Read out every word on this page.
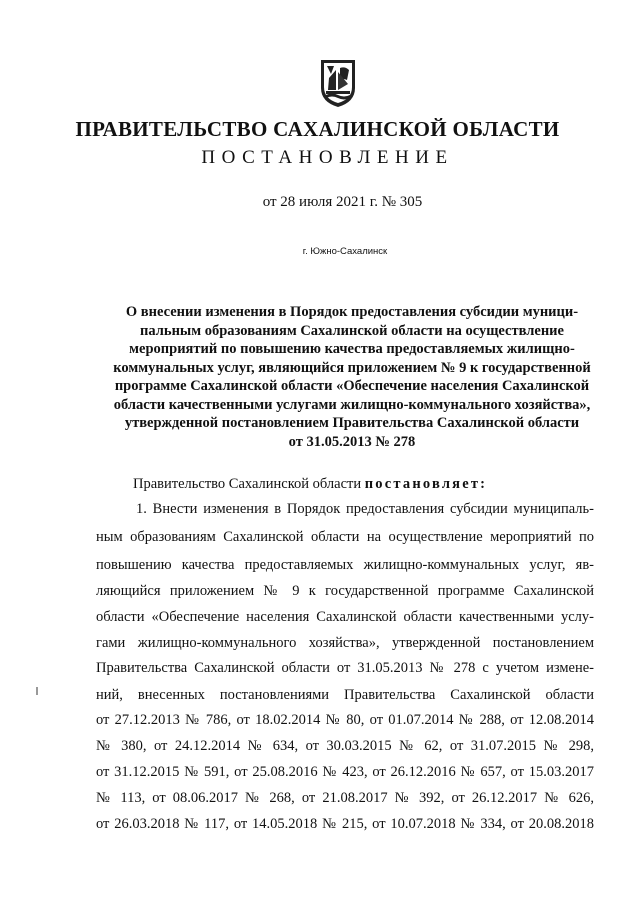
ПРАВИТЕЛЬСТВО САХАЛИНСКОЙ ОБЛАСТИ
ПОСТАНОВЛЕНИЕ
от 28 июля 2021 г. № 305
г. Южно-Сахалинск
О внесении изменения в Порядок предоставления субсидии муници-
пальным образованиям Сахалинской области на осуществление
мероприятий по повышению качества предоставляемых жилищно-
коммунальных услуг, являющийся приложением № 9 к государственной
программе Сахалинской области «Обеспечение населения Сахалинской
области качественными услугами жилищно-коммунального хозяйства»,
утвержденной постановлением Правительства Сахалинской области
от 31.05.2013 № 278
Правительство Сахалинской области постановляет:
1. Внести изменения в Порядок предоставления субсидии муниципаль-
ным образованиям Сахалинской области на осуществление мероприятий по
повышению качества предоставляемых жилищно-коммунальных услуг, яв-
ляющийся приложением № 9 к государственной программе Сахалинской
области «Обеспечение населения Сахалинской области качественными услу-
гами жилищно-коммунального хозяйства», утвержденной постановлением
Правительства Сахалинской области от 31.05.2013 № 278 с учетом измене-
ний, внесенных постановлениями Правительства Сахалинской области
от 27.12.2013 № 786, от 18.02.2014 № 80, от 01.07.2014 № 288, от 12.08.2014
№ 380, от 24.12.2014 № 634, от 30.03.2015 № 62, от 31.07.2015 № 298,
от 31.12.2015 № 591, от 25.08.2016 № 423, от 26.12.2016 № 657, от 15.03.2017
№ 113, от 08.06.2017 № 268, от 21.08.2017 № 392, от 26.12.2017 № 626,
от 26.03.2018 № 117, от 14.05.2018 № 215, от 10.07.2018 № 334, от 20.08.2018
